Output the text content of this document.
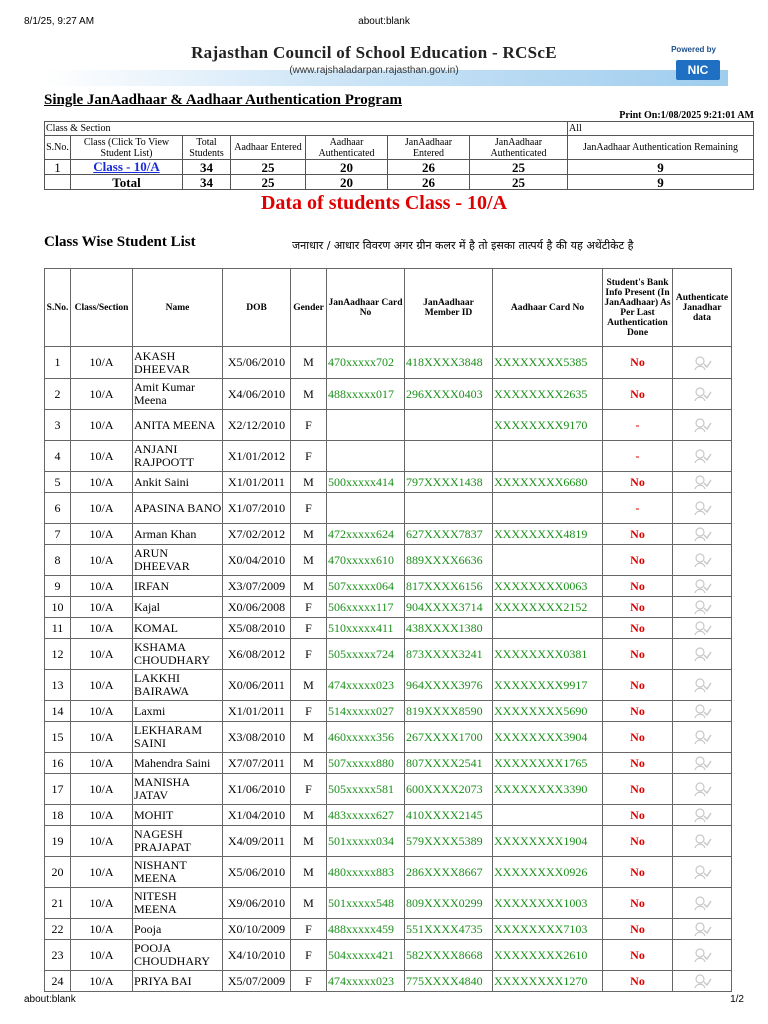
8/1/25, 9:27 AM	about:blank
Rajasthan Council of School Education - RCScE
(www.rajshaladarpan.rajasthan.gov.in)
Powered by
NIC
Single JanAadhaar & Aadhaar Authentication Program
Print On:1/08/2025 9:21:01 AM
Class & Section							All
S.No.	Class (Click To View Student List)	Total Students	Aadhaar Entered	Aadhaar Authenticated	JanAadhaar Entered	JanAadhaar Authenticated	JanAadhaar Authentication Remaining
1	Class - 10/A	34	25	20	26	25	9
	Total	34	25	20	26	25	9
Data of students Class - 10/A
Class Wise Student List	जनाधार / आधार विवरण अगर ग्रीन कलर में है तो इसका तात्पर्य है की यह अथेंटीकेट है
S.No.	Class/Section	Name	DOB	Gender	JanAadhaar Card No	JanAadhaar Member ID	Aadhaar Card No	Student's Bank Info Present (In JanAadhaar) As Per Last Authentication Done	Authenticate Janadhar data
1	10/A	AKASH DHEEVAR	X5/06/2010	M	470xxxxx702	418XXXX3848	XXXXXXXX5385	No	
2	10/A	Amit Kumar Meena	X4/06/2010	M	488xxxxx017	296XXXX0403	XXXXXXXX2635	No	
3	10/A	ANITA MEENA	X2/12/2010	F			XXXXXXXX9170	-	
4	10/A	ANJANI RAJPOOTT	X1/01/2012	F				-	
5	10/A	Ankit Saini	X1/01/2011	M	500xxxxx414	797XXXX1438	XXXXXXXX6680	No	
6	10/A	APASINA BANO	X1/07/2010	F				-	
7	10/A	Arman Khan	X7/02/2012	M	472xxxxx624	627XXXX7837	XXXXXXXX4819	No	
8	10/A	ARUN DHEEVAR	X0/04/2010	M	470xxxxx610	889XXXX6636		No	
9	10/A	IRFAN	X3/07/2009	M	507xxxxx064	817XXXX6156	XXXXXXXX0063	No	
10	10/A	Kajal	X0/06/2008	F	506xxxxx117	904XXXX3714	XXXXXXXX2152	No	
11	10/A	KOMAL	X5/08/2010	F	510xxxxx411	438XXXX1380		No	
12	10/A	KSHAMA CHOUDHARY	X6/08/2012	F	505xxxxx724	873XXXX3241	XXXXXXXX0381	No	
13	10/A	LAKKHI BAIRAWA	X0/06/2011	M	474xxxxx023	964XXXX3976	XXXXXXXX9917	No	
14	10/A	Laxmi	X1/01/2011	F	514xxxxx027	819XXXX8590	XXXXXXXX5690	No	
15	10/A	LEKHARAM SAINI	X3/08/2010	M	460xxxxx356	267XXXX1700	XXXXXXXX3904	No	
16	10/A	Mahendra Saini	X7/07/2011	M	507xxxxx880	807XXXX2541	XXXXXXXX1765	No	
17	10/A	MANISHA JATAV	X1/06/2010	F	505xxxxx581	600XXXX2073	XXXXXXXX3390	No	
18	10/A	MOHIT	X1/04/2010	M	483xxxxx627	410XXXX2145		No	
19	10/A	NAGESH PRAJAPAT	X4/09/2011	M	501xxxxx034	579XXXX5389	XXXXXXXX1904	No	
20	10/A	NISHANT MEENA	X5/06/2010	M	480xxxxx883	286XXXX8667	XXXXXXXX0926	No	
21	10/A	NITESH MEENA	X9/06/2010	M	501xxxxx548	809XXXX0299	XXXXXXXX1003	No	
22	10/A	Pooja	X0/10/2009	F	488xxxxx459	551XXXX4735	XXXXXXXX7103	No	
23	10/A	POOJA CHOUDHARY	X4/10/2010	F	504xxxxx421	582XXXX8668	XXXXXXXX2610	No	
24	10/A	PRIYA BAI	X5/07/2009	F	474xxxxx023	775XXXX4840	XXXXXXXX1270	No	
about:blank	1/2
